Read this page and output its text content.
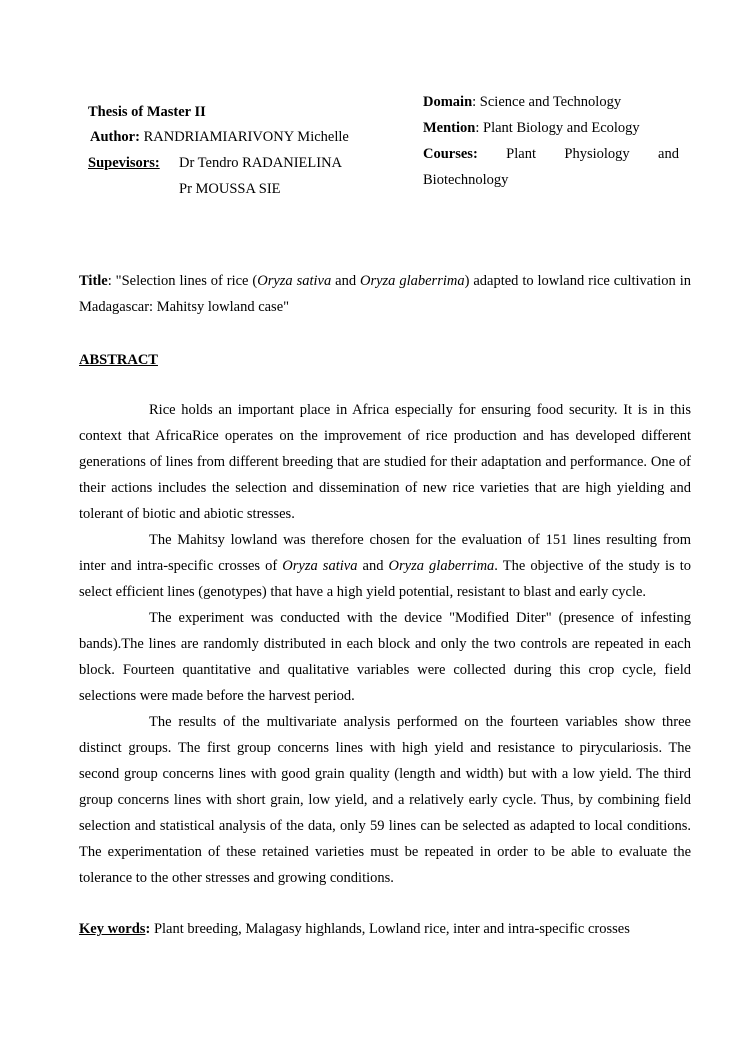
Thesis of Master II
Author: RANDRIAMIARIVONY Michelle
Supevisors: Dr Tendro RADANIELINA
Pr MOUSSA SIE
Domain: Science and Technology
Mention: Plant Biology and Ecology
Courses: Plant Physiology and
Biotechnology

Title: "Selection lines of rice (Oryza sativa and Oryza glaberrima) adapted to lowland rice cultivation in Madagascar: Mahitsy lowland case"

ABSTRACT

Rice holds an important place in Africa especially for ensuring food security. It is in this context that AfricaRice operates on the improvement of rice production and has developed different generations of lines from different breeding that are studied for their adaptation and performance. One of their actions includes the selection and dissemination of new rice varieties that are high yielding and tolerant of biotic and abiotic stresses.

The Mahitsy lowland was therefore chosen for the evaluation of 151 lines resulting from inter and intra-specific crosses of Oryza sativa and Oryza glaberrima. The objective of the study is to select efficient lines (genotypes) that have a high yield potential, resistant to blast and early cycle.

The experiment was conducted with the device "Modified Diter" (presence of infesting bands).The lines are randomly distributed in each block and only the two controls are repeated in each block. Fourteen quantitative and qualitative variables were collected during this crop cycle, field selections were made before the harvest period.

The results of the multivariate analysis performed on the fourteen variables show three distinct groups. The first group concerns lines with high yield and resistance to pirycular​iosis. The second group concerns lines with good grain quality (length and width) but with a low yield. The third group concerns lines with short grain, low yield, and a relatively early cycle. Thus, by combining field selection and statistical analysis of the data, only 59 lines can be selected as adapted to local conditions. The experimentation of these retained varieties must be repeated in order to be able to evaluate the tolerance to the other stresses and growing conditions.

Key words: Plant breeding, Malagasy highlands, Lowland rice, inter and intra-specific crosses
